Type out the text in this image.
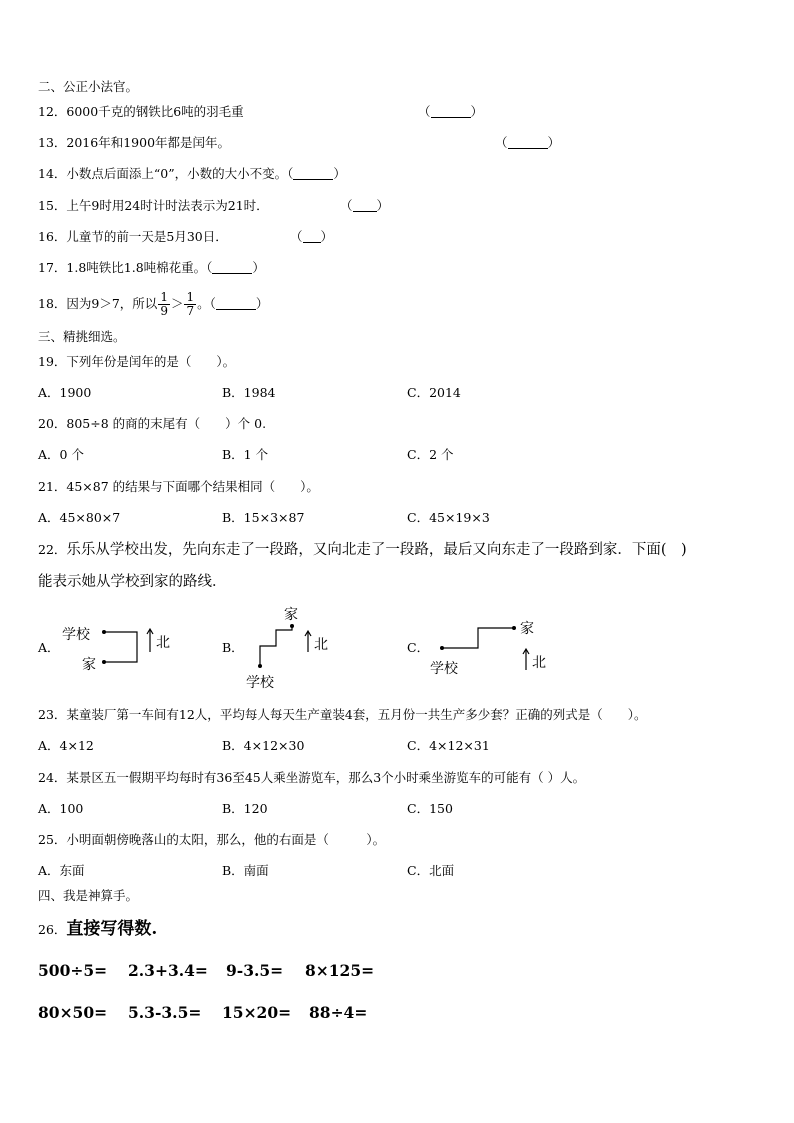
二、公正小法官。
12．6000千克的钢铁比6吨的羽毛重	（	）
13．2016年和1900年都是闰年。	（	）
14．小数点后面添上“0”，小数的大小不变。（	）
15．上午9时用24时计时法表示为21时．	（ ）
16．儿童节的前一天是5月30日．	（ ）
17．1.8吨铁比1.8吨棉花重。（	）
18．因为9＞7，所以 $\frac{1}{9} > \frac{1}{7}$ 。（	）
三、精挑细选。
19．下列年份是闰年的是（　　）。
A．1900	B．1984	C．2014
20．805÷8 的商的末尾有（　　）个 0.
A．0 个	B．1 个	C．2 个
21．45×87 的结果与下面哪个结果相同（　　）。
A．45×80×7	B．15×3×87	C．45×19×3
22．乐乐从学校出发，先向东走了一段路，又向北走了一段路，最后又向东走了一段路到家．下面(　)
能表示她从学校到家的路线．
A．
学校
家
北	B．
家
北
学校
C．
家
学校	北
23．某童装厂第一车间有12人，平均每人每天生产童装4套，五月份一共生产多少套？正确的列式是（　　）。
A．4×12	B．4×12×30	C．4×12×31
24．某景区五一假期平均每时有36至45人乘坐游览车，那么3个小时乘坐游览车的可能有（ ）人。
A．100	B．120	C．150
25．小明面朝傍晚落山的太阳，那么，他的右面是（　　　）。
A．东面	B．南面	C．北面
四、我是神算手。
26．直接写得数.
500÷5= 2.3+3.4= 9-3.5= 8×125=
80×50= 5.3-3.5= 15×20= 88÷4=
